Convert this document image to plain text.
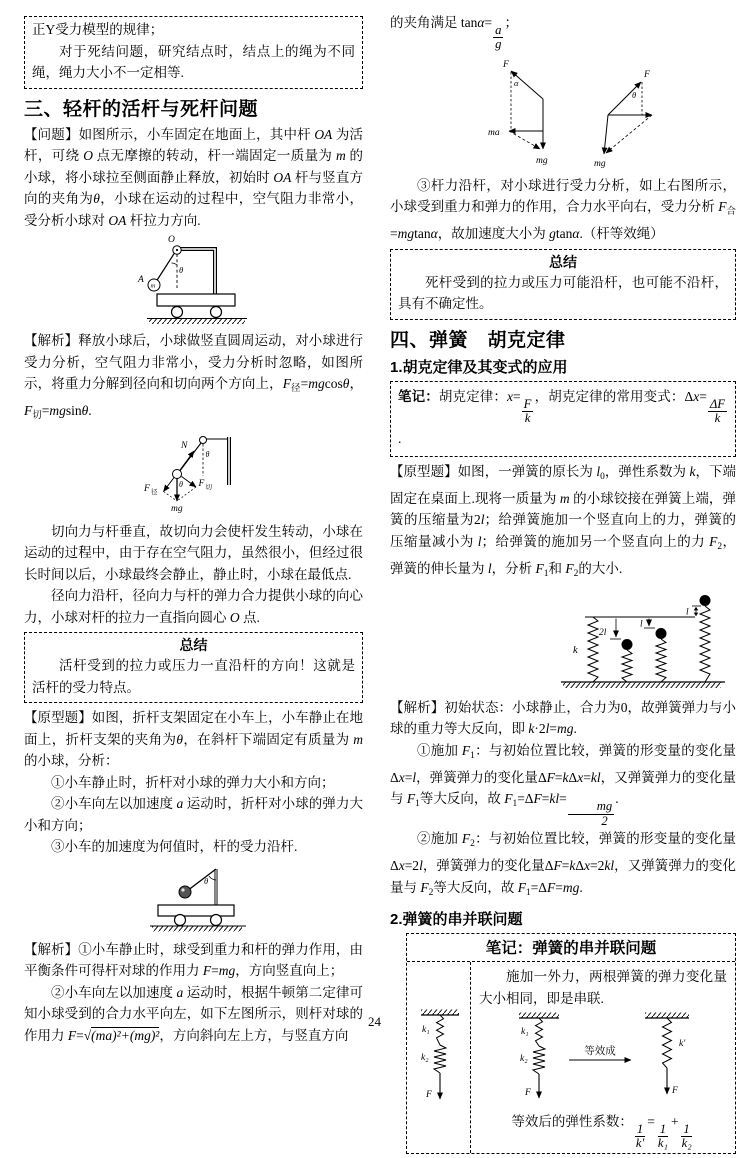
正Y受力模型的规律；

对于死结问题，研究结点时，结点上的绳为不同绳，绳力大小不一定相等.

三、轻杆的活杆与死杆问题

【问题】如图所示，小车固定在地面上，其中杆 OA 为活杆，可绕 O 点无摩擦的转动，杆一端固定一质量为 m 的小球，将小球拉至侧面静止释放，初始时 OA 杆与竖直方向的夹角为θ，小球在运动的过程中，空气阻力非常小，受分析小球对 OA 杆拉力方向.

O
A
m
θ

【解析】释放小球后，小球做竖直圆周运动，对小球进行受力分析，空气阻力非常小，受力分析时忽略，如图所示，将重力分解到径向和切向两个方向上，$F_径=mgcos\theta$，$F_切=mgsin\theta$.

N
θ
F 径
F 切
θ
mg

切向力与杆垂直，故切向力会使杆发生转动，小球在运动的过程中，由于存在空气阻力，虽然很小，但经过很长时间以后，小球最终会静止，静止时，小球在最低点.

径向力沿杆，径向力与杆的弹力合力提供小球的向心力，小球对杆的拉力一直指向圆心 O 点.

总结

活杆受到的拉力或压力一直沿杆的方向！这就是活杆的受力特点。

【原型题】如图，折杆支架固定在小车上，小车静止在地面上，折杆支架的夹角为θ，在斜杆下端固定有质量为 m 的小球，分析：

①小车静止时，折杆对小球的弹力大小和方向；

②小车向左以加速度 a 运动时，折杆对小球的弹力大小和方向；

③小车的加速度为何值时，杆的受力沿杆.

θ

【解析】①小车静止时，球受到重力和杆的弹力作用，由平衡条件可得杆对球的作用力 F=mg，方向竖直向上；

②小车向左以加速度 a 运动时，根据牛顿第二定律可知小球受到的合力水平向左，如下左图所示，则杆对球的作用力 F=√(ma)²+(mg)²，方向斜向左上方，与竖直方向

的夹角满足 tanα=
$\frac{a}{g}$
；

F
α
ma
mg
F
θ
mg

③杆力沿杆，对小球进行受力分析，如上右图所示，小球受到重力和弹力的作用，合力水平向右，受力分析 $F_合=mgtan\alpha$，故加速度大小为 gtanα.（杆等效绳）

总结

死杆受到的拉力或压力可能沿杆，也可能不沿杆，具有不确定性。

四、弹簧　胡克定律
1.胡克定律及其变式的应用

笔记：胡克定律：x=
$\frac{F}{k}$
，胡克定律的常用变式：Δx=
$\frac{\Delta F}{k}$
.

【原型题】如图，一弹簧的原长为 $l_0$，弹性系数为 k，下端固定在桌面上.现将一质量为 m 的小球铰接在弹簧上端，弹簧的压缩量为2l；给弹簧施加一个竖直向上的力，弹簧的压缩量减小为 l；给弹簧的施加另一个竖直向上的力 $F_2$，弹簧的伸长量为 l，分析 $F_1$和 $F_2$的大小.

k
2l
l
l

【解析】初始状态：小球静止，合力为0，故弹簧弹力与小球的重力等大反向，即 k·2l=mg.

①施加 $F_1$：与初始位置比较，弹簧的形变量的变化量Δx=l，弹簧弹力的变化量ΔF=kΔx=kl，又弹簧弹力的变化量与 $F_1$等大反向，故 $F_1=\Delta F=kl=$
$\frac{mg}{2}$
.

②施加 $F_2$：与初始位置比较，弹簧的形变量的变化量Δx=2l，弹簧弹力的变化量ΔF=kΔx=2kl，又弹簧弹力的变化量与 $F_2$等大反向，故 $F_1=\Delta F=mg$.

2.弹簧的串并联问题
笔记：弹簧的串并联问题
k₁
k₂
F

施加一外力，两根弹簧的弹力变化量大小相同，即是串联.

k₁
k₂
F
等效成
k′
F
等效后的弹性系数：
$\frac{1}{k'}$
=
$\frac{1}{\text{k₁}}$
+
$\frac{1}{\text{k₂}}$
24
